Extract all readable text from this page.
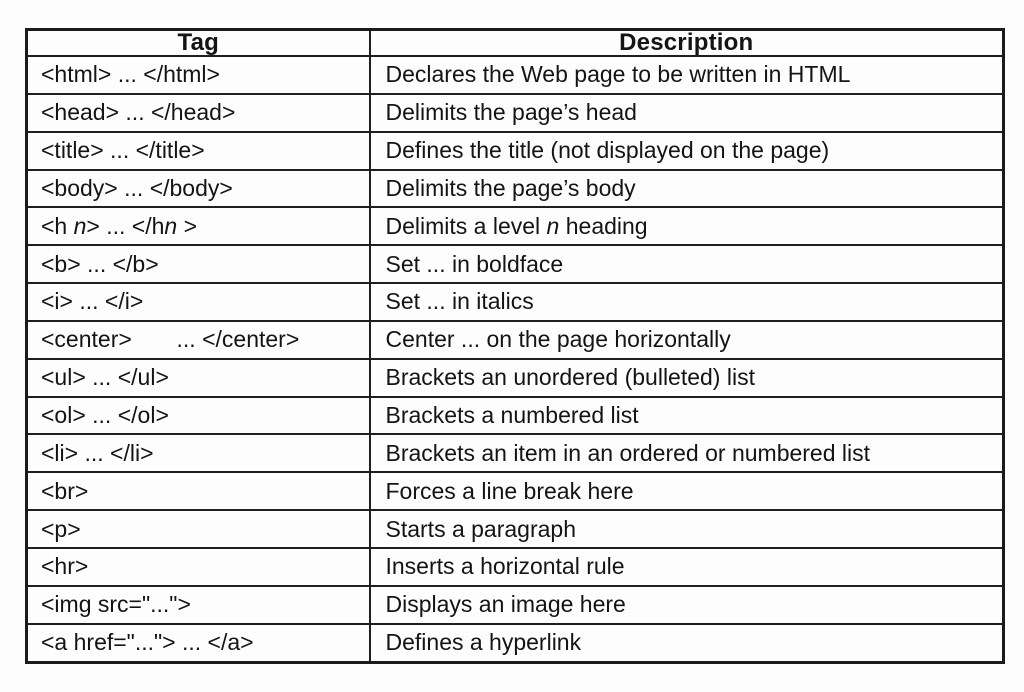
Tag	Description
<html> ... </html>	Declares the Web page to be written in HTML
<head> ... </head>	Delimits the page’s head
<title> ... </title>	Defines the title (not displayed on the page)
<body> ... </body>	Delimits the page’s body
<h n> ... </hn >	Delimits a level n heading
<b> ... </b>	Set ... in boldface
<i> ... </i>	Set ... in italics
<center>       ... </center>	Center ... on the page horizontally
<ul> ... </ul>	Brackets an unordered (bulleted) list
<ol> ... </ol>	Brackets a numbered list
<li> ... </li>	Brackets an item in an ordered or numbered list
<br>	Forces a line break here
<p>	Starts a paragraph
<hr>	Inserts a horizontal rule
<img src="...">	Displays an image here
<a href="..."> ... </a>	Defines a hyperlink
